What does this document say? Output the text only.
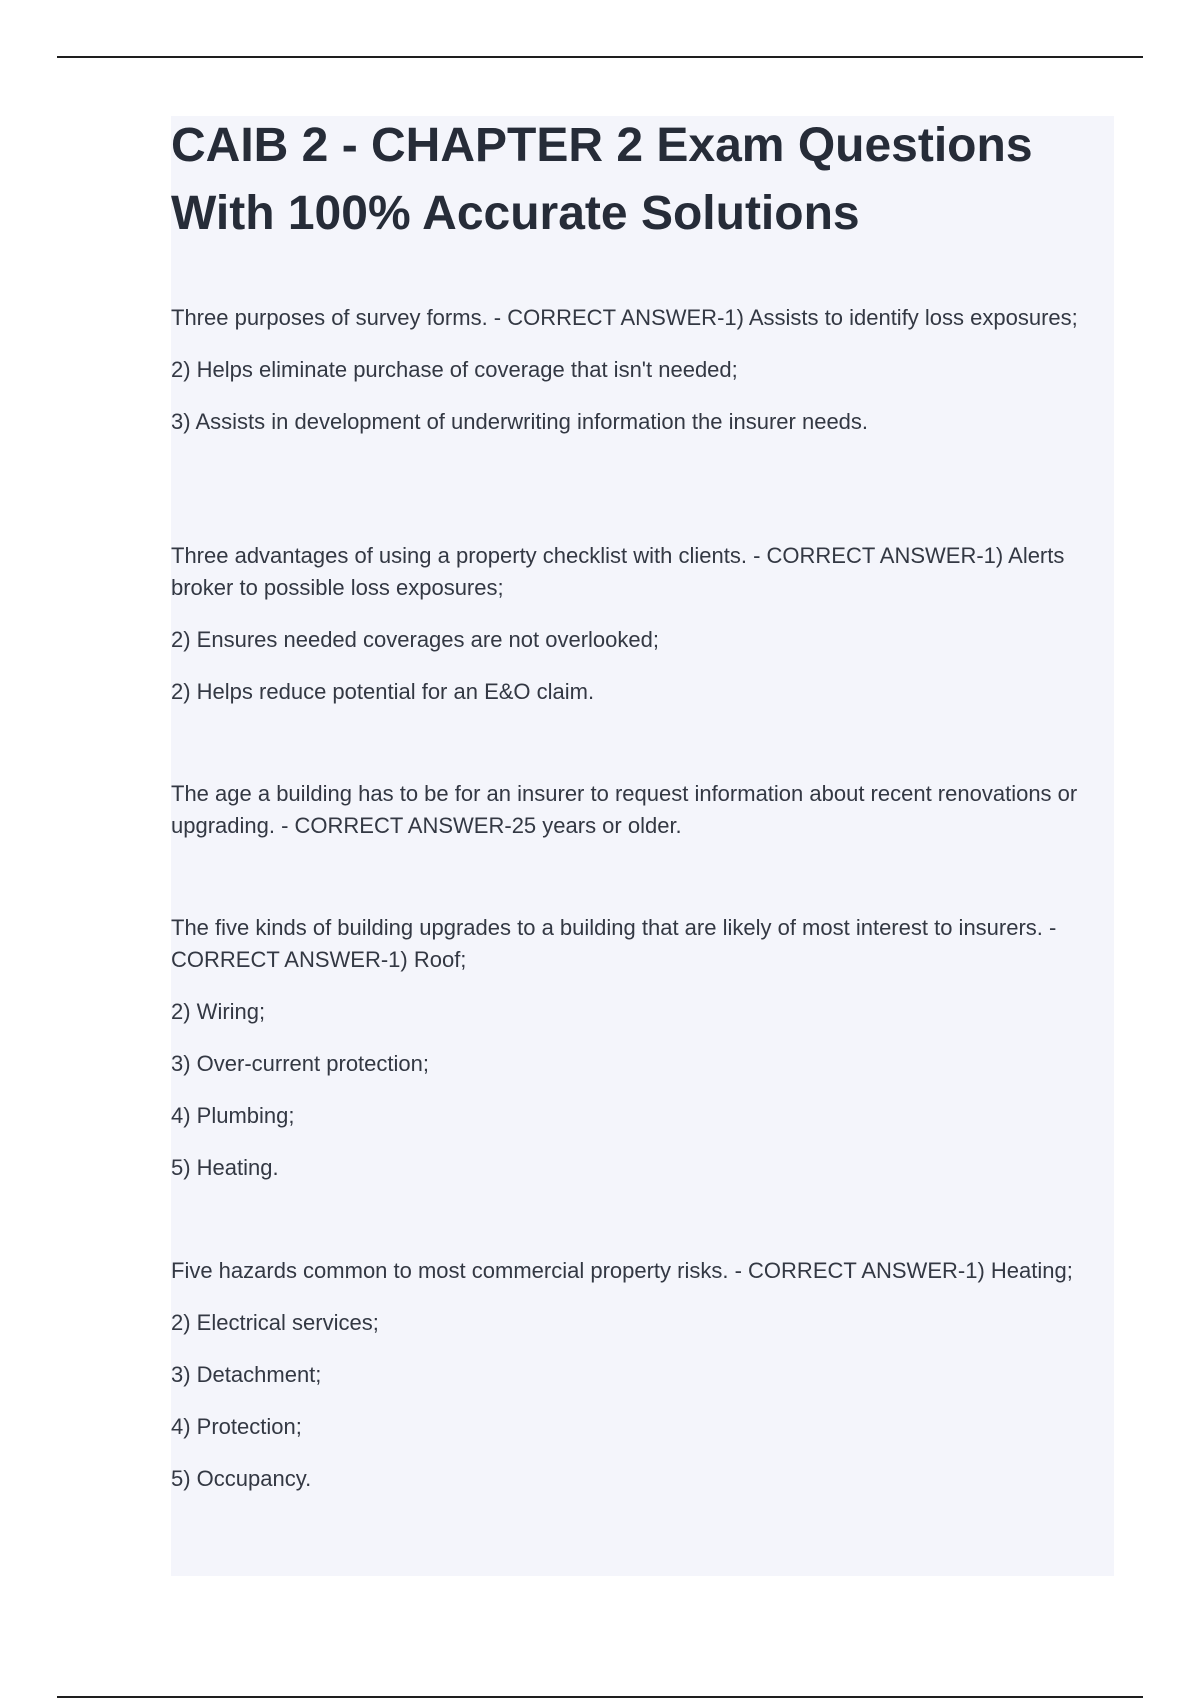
CAIB 2 - CHAPTER 2 Exam Questions With 100% Accurate Solutions

Three purposes of survey forms. - CORRECT ANSWER-1) Assists to identify loss exposures;

2) Helps eliminate purchase of coverage that isn't needed;

3) Assists in development of underwriting information the insurer needs.

Three advantages of using a property checklist with clients. - CORRECT ANSWER-1) Alerts broker to possible loss exposures;

2) Ensures needed coverages are not overlooked;

2) Helps reduce potential for an E&O claim.

The age a building has to be for an insurer to request information about recent renovations or upgrading. - CORRECT ANSWER-25 years or older.

The five kinds of building upgrades to a building that are likely of most interest to insurers. - CORRECT ANSWER-1) Roof;

2) Wiring;

3) Over-current protection;

4) Plumbing;

5) Heating.

Five hazards common to most commercial property risks. - CORRECT ANSWER-1) Heating;

2) Electrical services;

3) Detachment;

4) Protection;

5) Occupancy.
